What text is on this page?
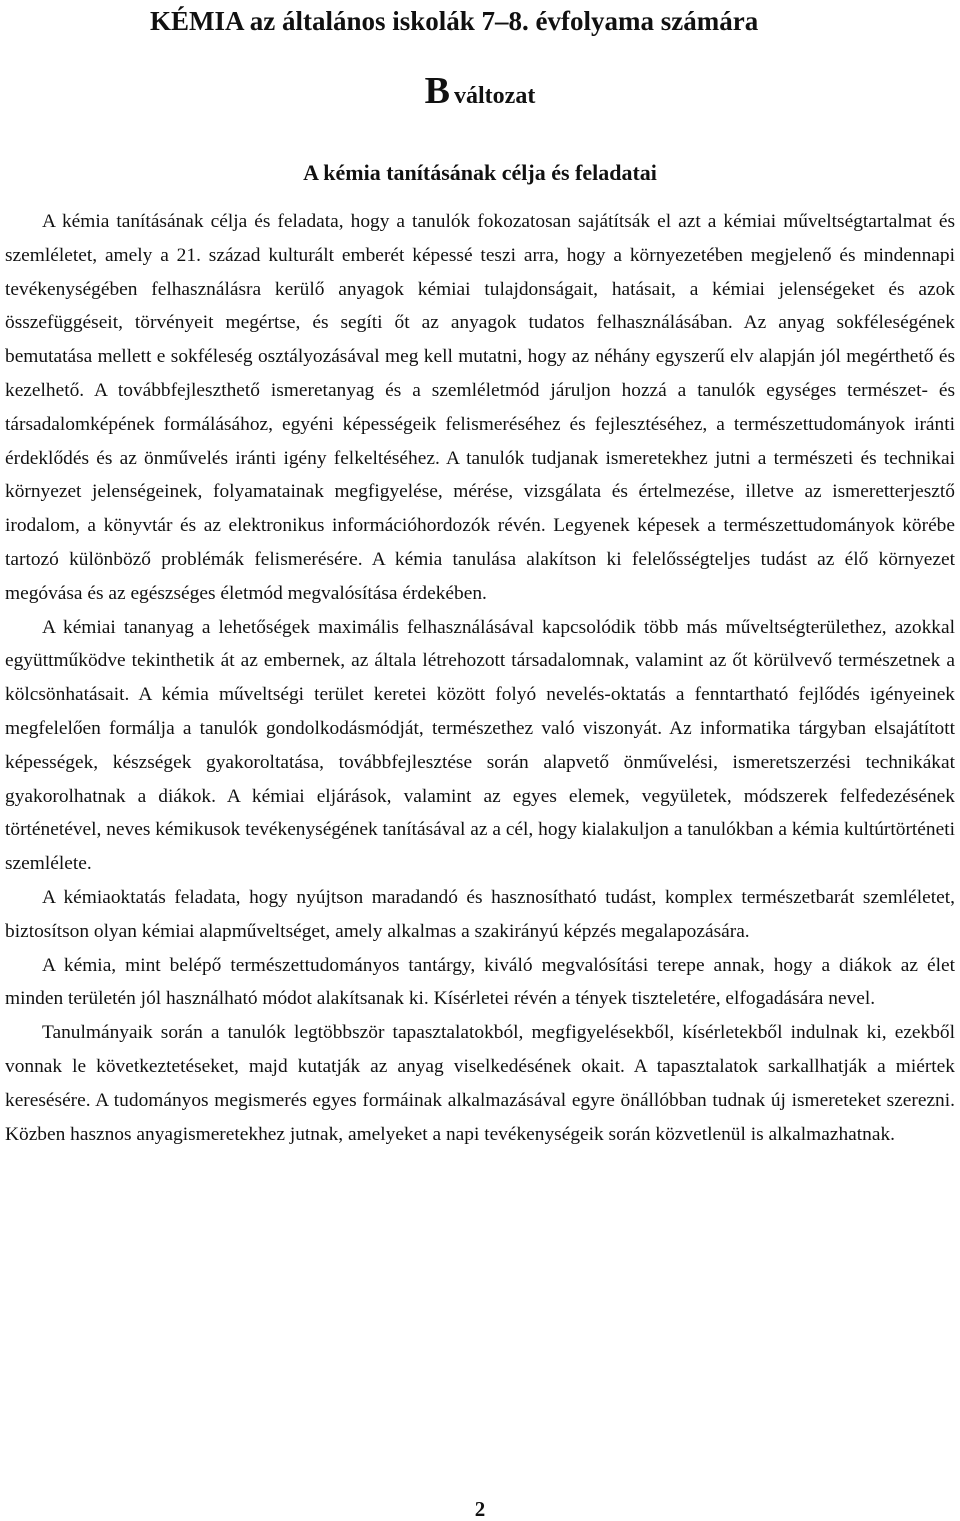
KÉMIA az általános iskolák 7–8. évfolyama számára
B változat
A kémia tanításának célja és feladatai

A kémia tanításának célja és feladata, hogy a tanulók fokozatosan sajátítsák el azt a kémiai műveltségtartalmat és szemléletet, amely a 21. század kulturált emberét képessé teszi arra, hogy a környezetében megjelenő és mindennapi tevékenységében felhasználásra kerülő anyagok kémiai tulajdonságait, hatásait, a kémiai jelenségeket és azok összefüggéseit, törvényeit megértse, és segíti őt az anyagok tudatos felhasználásában. Az anyag sokféleségének bemutatása mellett e sokféleség osztályozásával meg kell mutatni, hogy az néhány egyszerű elv alapján jól megérthető és kezelhető. A továbbfejleszthető ismeretanyag és a szemléletmód járuljon hozzá a tanulók egységes természet- és társadalomképének formálásához, egyéni képességeik felismeréséhez és fejlesztéséhez, a természettudományok iránti érdeklődés és az önművelés iránti igény felkeltéséhez. A tanulók tudjanak ismeretekhez jutni a természeti és technikai környezet jelenségeinek, folyamatainak megfigyelése, mérése, vizsgálata és értelmezése, illetve az ismeretterjesztő irodalom, a könyvtár és az elektronikus információhordozók révén. Legyenek képesek a természettudományok körébe tartozó különböző problémák felismerésére. A kémia tanulása alakítson ki felelősségteljes tudást az élő környezet megóvása és az egészséges életmód megvalósítása érdekében.

A kémiai tananyag a lehetőségek maximális felhasználásával kapcsolódik több más műveltségterülethez, azokkal együttműködve tekinthetik át az embernek, az általa létrehozott társadalomnak, valamint az őt körülvevő természetnek a kölcsönhatásait. A kémia műveltségi terület keretei között folyó nevelés-oktatás a fenntartható fejlődés igényeinek megfelelően formálja a tanulók gondolkodásmódját, természethez való viszonyát. Az informatika tárgyban elsajátított képességek, készségek gyakoroltatása, továbbfejlesztése során alapvető önművelési, ismeretszerzési technikákat gyakorolhatnak a diákok. A kémiai eljárások, valamint az egyes elemek, vegyületek, módszerek felfedezésének történetével, neves kémikusok tevékenységének tanításával az a cél, hogy kialakuljon a tanulókban a kémia kultúrtörténeti szemlélete.

A kémiaoktatás feladata, hogy nyújtson maradandó és hasznosítható tudást, komplex természetbarát szemléletet, biztosítson olyan kémiai alapműveltséget, amely alkalmas a szakirányú képzés megalapozására.

A kémia, mint belépő természettudományos tantárgy, kiváló megvalósítási terepe annak, hogy a diákok az élet minden területén jól használható módot alakítsanak ki. Kísérletei révén a tények tiszteletére, elfogadására nevel.

Tanulmányaik során a tanulók legtöbbször tapasztalatokból, megfigyelésekből, kísérletekből indulnak ki, ezekből vonnak le következtetéseket, majd kutatják az anyag viselkedésének okait. A tapasztalatok sarkallhatják a miértek keresésére. A tudományos megismerés egyes formáinak alkalmazásával egyre önállóbban tudnak új ismereteket szerezni. Közben hasznos anyagismeretekhez jutnak, amelyeket a napi tevékenységeik során közvetlenül is alkalmazhatnak.

2
